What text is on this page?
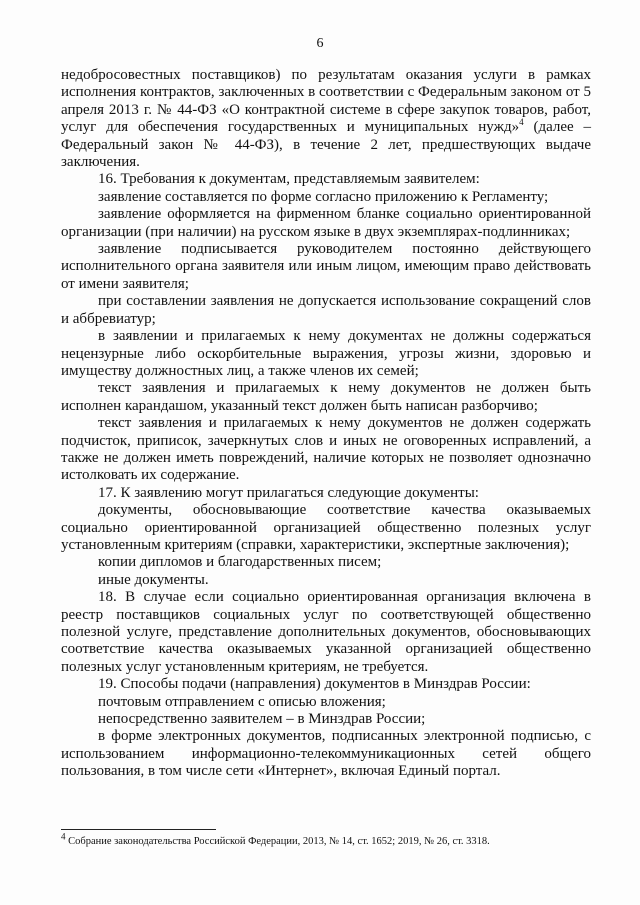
6

недобросовестных поставщиков) по результатам оказания услуги в рамках исполнения контрактов, заключенных в соответствии с Федеральным законом от 5 апреля 2013 г. № 44-ФЗ «О контрактной системе в сфере закупок товаров, работ, услуг для обеспечения государственных и муниципальных нужд»$^4$ (далее – Федеральный закон № 44-ФЗ), в течение 2 лет, предшествующих выдаче заключения.

16. Требования к документам, представляемым заявителем:

заявление составляется по форме согласно приложению к Регламенту;

заявление оформляется на фирменном бланке социально ориентированной организации (при наличии) на русском языке в двух экземплярах-подлинниках;

заявление подписывается руководителем постоянно действующего исполнительного органа заявителя или иным лицом, имеющим право действовать от имени заявителя;

при составлении заявления не допускается использование сокращений слов и аббревиатур;

в заявлении и прилагаемых к нему документах не должны содержаться нецензурные либо оскорбительные выражения, угрозы жизни, здоровью и имуществу должностных лиц, а также членов их семей;

текст заявления и прилагаемых к нему документов не должен быть исполнен карандашом, указанный текст должен быть написан разборчиво;

текст заявления и прилагаемых к нему документов не должен содержать подчисток, приписок, зачеркнутых слов и иных не оговоренных исправлений, а также не должен иметь повреждений, наличие которых не позволяет однозначно истолковать их содержание.

17. К заявлению могут прилагаться следующие документы:

документы, обосновывающие соответствие качества оказываемых социально ориентированной организацией общественно полезных услуг установленным критериям (справки, характеристики, экспертные заключения);

копии дипломов и благодарственных писем;

иные документы.

18. В случае если социально ориентированная организация включена в реестр поставщиков социальных услуг по соответствующей общественно полезной услуге, представление дополнительных документов, обосновывающих соответствие качества оказываемых указанной организацией общественно полезных услуг установленным критериям, не требуется.

19. Способы подачи (направления) документов в Минздрав России:

почтовым отправлением с описью вложения;

непосредственно заявителем – в Минздрав России;

в форме электронных документов, подписанных электронной подписью, с использованием информационно-телекоммуникационных сетей общего пользования, в том числе сети «Интернет», включая Единый портал.

$^4$ Собрание законодательства Российской Федерации, 2013, № 14, ст. 1652; 2019, № 26, ст. 3318.
